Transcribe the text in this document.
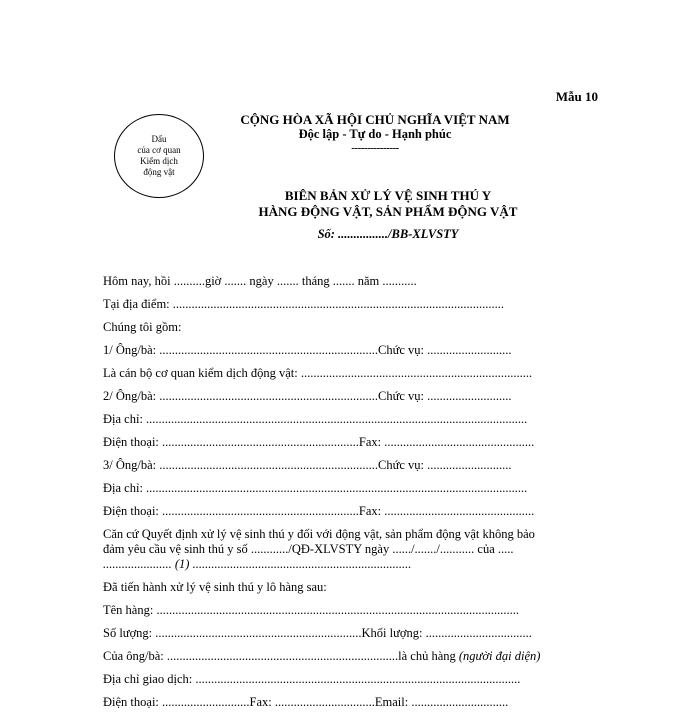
Mẫu 10
Dấu
của cơ quan
Kiểm dịch
động vật
CỘNG HÒA XÃ HỘI CHỦ NGHĨA VIỆT NAM
Độc lập - Tự do - Hạnh phúc
---------------
BIÊN BẢN XỬ LÝ VỆ SINH THÚ Y
HÀNG ĐỘNG VẬT, SẢN PHẨM ĐỘNG VẬT
Số: ................/BB-XLVSTY
Hôm nay, hồi ..........giờ ....... ngày ....... tháng ....... năm ...........
Tại địa điểm: ..........................................................................................................
Chúng tôi gồm:
1/ Ông/bà: ......................................................................Chức vụ: ...........................
Là cán bộ cơ quan kiểm dịch động vật: ..........................................................................
2/ Ông/bà: ......................................................................Chức vụ: ...........................
Địa chỉ: ..........................................................................................................................
Điện thoại: ...............................................................Fax: ................................................
3/ Ông/bà: ......................................................................Chức vụ: ...........................
Địa chỉ: ..........................................................................................................................
Điện thoại: ...............................................................Fax: ................................................
Căn cứ Quyết định xử lý vệ sinh thú y đối với động vật, sản phẩm động vật không bảo
đảm yêu cầu vệ sinh thú y số ............/QĐ-XLVSTY ngày ....../......./........... của .....
...................... (1) ......................................................................
Đã tiến hành xử lý vệ sinh thú y lô hàng sau:
Tên hàng: ....................................................................................................................
Số lượng: ..................................................................Khối lượng: ..................................
Của ông/bà: ..........................................................................là chủ hàng (người đại diện)
Địa chỉ giao dịch: ........................................................................................................
Điện thoại: ............................Fax: ................................Email: ...............................
